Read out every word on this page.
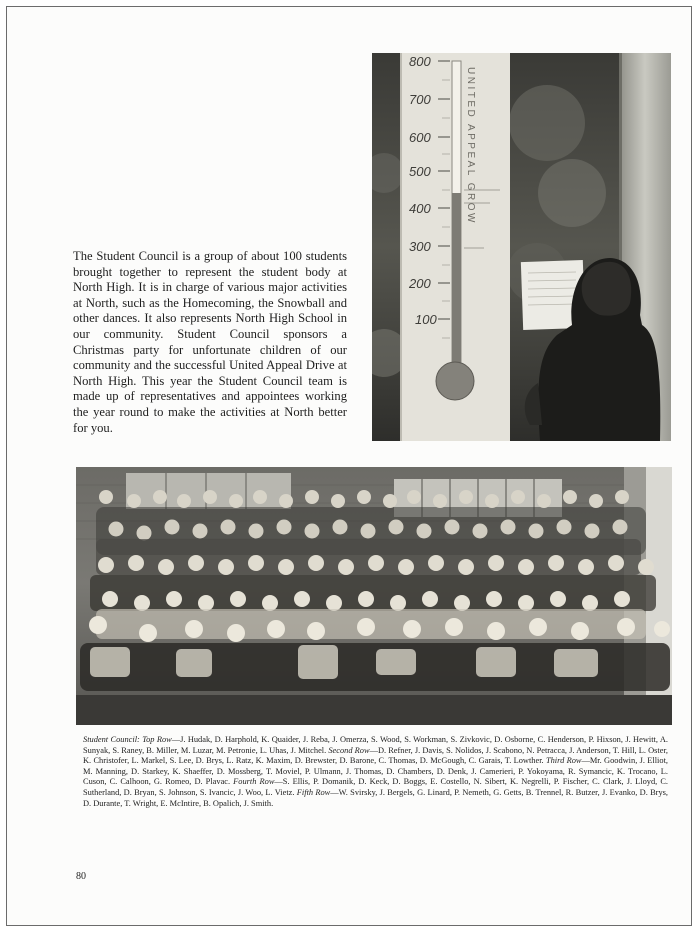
The Student Council is a group of about 100 students brought together to represent the student body at North High. It is in charge of various major activities at North, such as the Homecoming, the Snowball and other dances. It also represents North High School in our community. Student Council sponsors a Christmas party for unfortunate children of our community and the successful United Appeal Drive at North High. This year the Student Council team is made up of representatives and appointees working the year round to make the activities at North better for you.

800
700
600
500
400
300
200
100
UNITED APPEAL GROW

Student Council: Top Row—J. Hudak, D. Harphold, K. Quaider, J. Reba, J. Omerza, S. Wood, S. Workman, S. Zivkovic, D. Osborne, C. Henderson, P. Hixson, J. Hewitt, A. Sunyak, S. Raney, B. Miller, M. Luzar, M. Petronie, L. Uhas, J. Mitchel. Second Row—D. Refner, J. Davis, S. Nolidos, J. Scabono, N. Petracca, J. Anderson, T. Hill, L. Oster, K. Christofer, L. Markel, S. Lee, D. Brys, L. Ratz, K. Maxim, D. Brewster, D. Barone, C. Thomas, D. McGough, C. Garais, T. Lowther. Third Row—Mr. Goodwin, J. Elliot, M. Manning, D. Starkey, K. Shaeffer, D. Mossberg, T. Moviel, P. Ulmann, J. Thomas, D. Chambers, D. Denk, J. Camerieri, P. Yokoyama, R. Symancic, K. Trocano, L. Cuson, C. Calhoon, G. Romeo, D. Plavac. Fourth Row—S. Ellis, P. Domanik, D. Keck, D. Boggs, E. Costello, N. Sibert, K. Negrelli, P. Fischer, C. Clark, J. Lloyd, C. Sutherland, D. Bryan, S. Johnson, S. Ivancic, J. Woo, L. Vietz. Fifth Row—W. Svirsky, J. Bergels, G. Linard, P. Nemeth, G. Getts, B. Trennel, R. Butzer, J. Evanko, D. Brys, D. Durante, T. Wright, E. McIntire, B. Opalich, J. Smith.

80
